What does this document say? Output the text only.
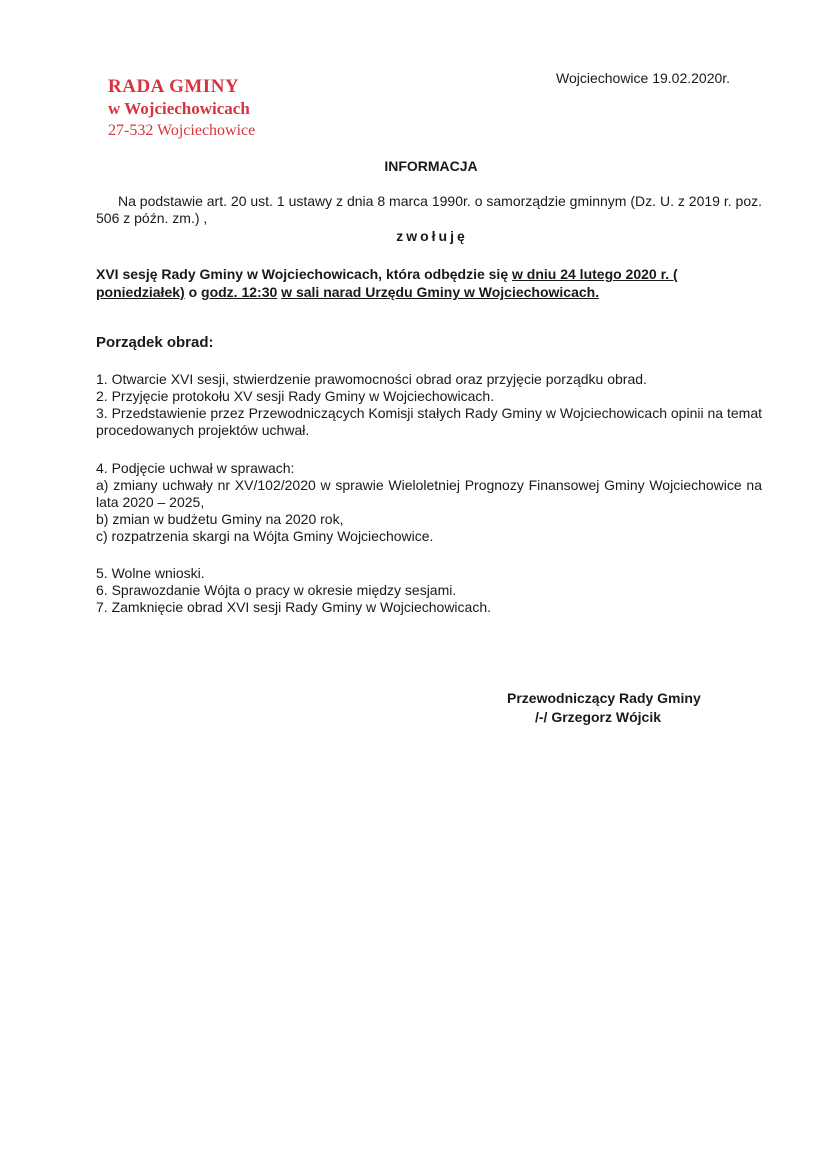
RADA GMINY
w Wojciechowicach
27-532 Wojciechowice
Wojciechowice 19.02.2020r.
INFORMACJA
Na podstawie art. 20 ust. 1 ustawy z dnia 8 marca 1990r. o samorządzie gminnym (Dz. U. z 2019 r. poz. 506 z późn. zm.) ,
zwołuję
XVI sesję Rady Gminy w Wojciechowicach, która odbędzie się w dniu 24 lutego 2020 r. ( poniedziałek) o godz. 12:30 w sali narad Urzędu Gminy w Wojciechowicach.
Porządek obrad:

1. Otwarcie XVI sesji, stwierdzenie prawomocności obrad oraz przyjęcie porządku obrad.

2. Przyjęcie protokołu XV sesji Rady Gminy w Wojciechowicach.

3. Przedstawienie przez Przewodniczących Komisji stałych Rady Gminy w Wojciechowicach opinii na temat procedowanych projektów uchwał.

4. Podjęcie uchwał w sprawach:

a) zmiany uchwały nr XV/102/2020 w sprawie Wieloletniej Prognozy Finansowej Gminy Wojciechowice na lata 2020 – 2025,

b) zmian w budżetu Gminy na 2020 rok,

c) rozpatrzenia skargi na Wójta Gminy Wojciechowice.

5. Wolne wnioski.

6. Sprawozdanie Wójta o pracy w okresie między sesjami.

7. Zamknięcie obrad XVI sesji Rady Gminy w Wojciechowicach.

Przewodniczący Rady Gminy
/-/ Grzegorz Wójcik
